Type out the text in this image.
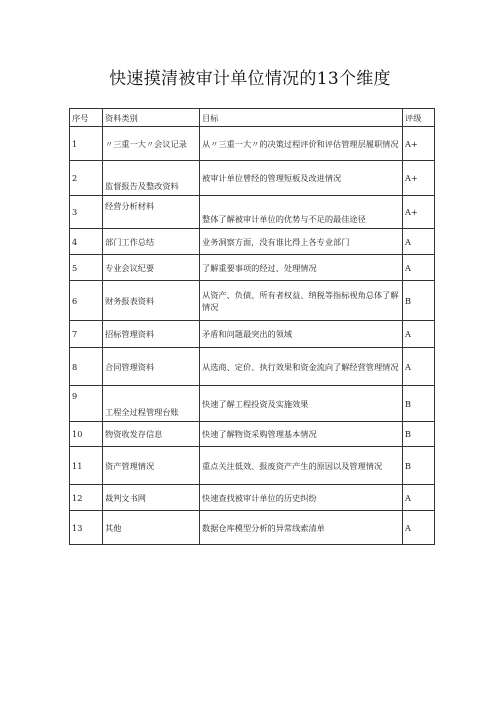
快速摸清被审计单位情况的13个维度
序号	资料类别	目标	评级
1	〃三重一大〃会议记录	从〃三重一大〃的决策过程评价和评估管理层履职情况	A+
2	监督报告及整改资料	被审计单位曾经的管理短板及改进情况	A+
3	经营分析材料	整体了解被审计单位的优势与不足的最佳途径	A+
4	部门工作总结	业务洞察方面，没有谁比得上各专业部门	A
5	专业会议纪要	了解重要事项的经过、处理情况	A
6	财务报表资料	从资产、负债、所有者权益、纳税等指标视角总体了解情况	B
7	招标管理资料	矛盾和问题最突出的领域	A
8	合同管理资料	从选商、定价、执行效果和资金流向了解经营管理情况	A
9	工程全过程管理台账	快速了解工程投资及实施效果	B
10	物资收发存信息	快速了解物资采购管理基本情况	B
11	资产管理情况	重点关注低效、报废资产产生的原因以及管理情况	B
12	裁判文书网	快速查找被审计单位的历史纠纷	A
13	其他	数据仓库模型分析的异常线索清单	A
